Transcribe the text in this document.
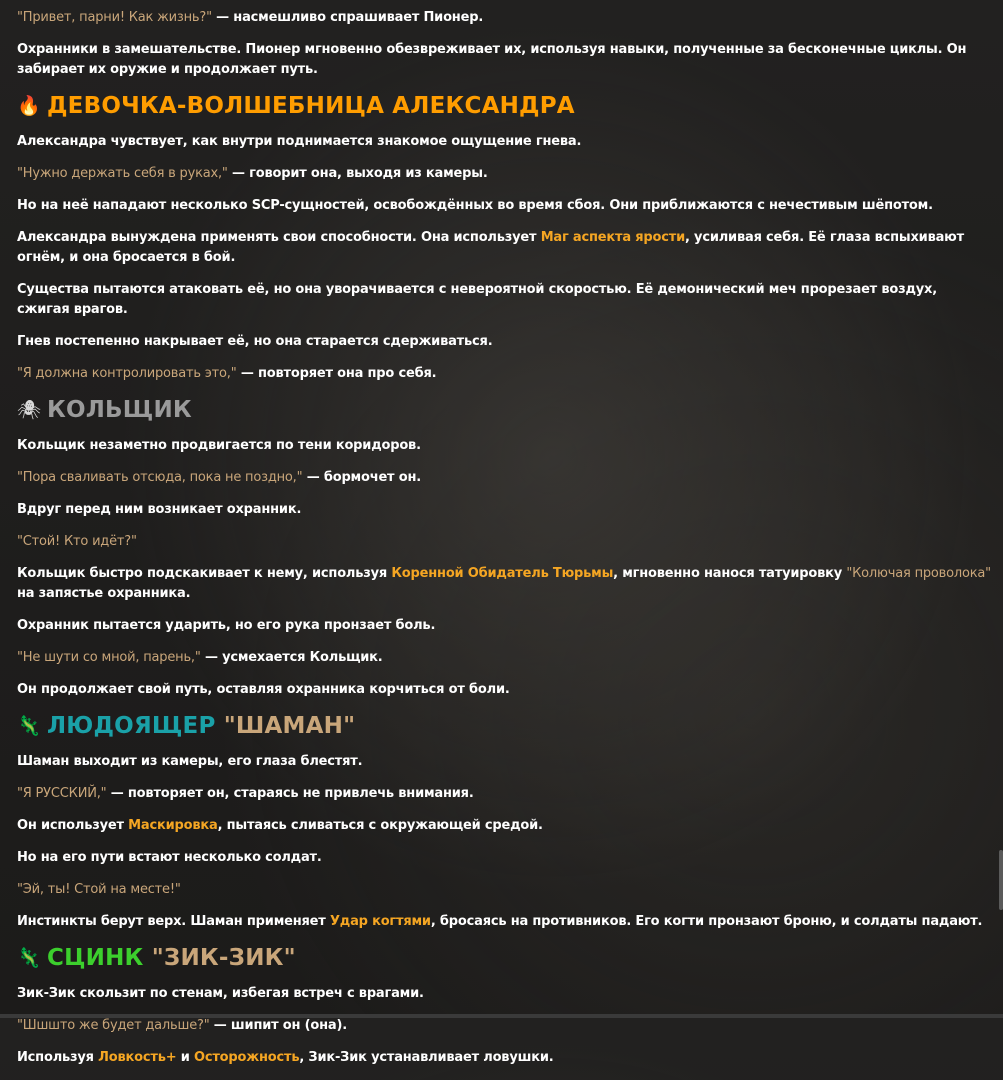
"Привет, парни! Как жизнь?" — насмешливо спрашивает Пионер.

Охранники в замешательстве. Пионер мгновенно обезвреживает их, используя навыки, полученные за бесконечные циклы. Он забирает их оружие и продолжает путь.

🔥 ДЕВОЧКА-ВОЛШЕБНИЦА АЛЕКСАНДРА

Александра чувствует, как внутри поднимается знакомое ощущение гнева.

"Нужно держать себя в руках," — говорит она, выходя из камеры.

Но на неё нападают несколько SCP-сущностей, освобождённых во время сбоя. Они приближаются с нечестивым шёпотом.

Александра вынуждена применять свои способности. Она использует Маг аспекта ярости, усиливая себя. Её глаза вспыхивают огнём, и она бросается в бой.

Существа пытаются атаковать её, но она уворачивается с невероятной скоростью. Её демонический меч прорезает воздух, сжигая врагов.

Гнев постепенно накрывает её, но она старается сдерживаться.

"Я должна контролировать это," — повторяет она про себя.

🕷 КОЛЬЩИК

Кольщик незаметно продвигается по тени коридоров.

"Пора сваливать отсюда, пока не поздно," — бормочет он.

Вдруг перед ним возникает охранник.

"Стой! Кто идёт?"

Кольщик быстро подскакивает к нему, используя Коренной Обидатель Тюрьмы, мгновенно нанося татуировку "Колючая проволока" на запястье охранника.

Охранник пытается ударить, но его рука пронзает боль.

"Не шути со мной, парень," — усмехается Кольщик.

Он продолжает свой путь, оставляя охранника корчиться от боли.

🦎 ЛЮДОЯЩЕР
"ШАМАН"

Шаман выходит из камеры, его глаза блестят.

"Я РУССКИЙ," — повторяет он, стараясь не привлечь внимания.

Он использует Маскировка, пытаясь сливаться с окружающей средой.

Но на его пути встают несколько солдат.

"Эй, ты! Стой на месте!"

Инстинкты берут верх. Шаман применяет Удар когтями, бросаясь на противников. Его когти пронзают броню, и солдаты падают.

🦎 СЦИНК
"ЗИК-ЗИК"

Зик-Зик скользит по стенам, избегая встреч с врагами.

"Шшшто же будет дальше?" — шипит он (она).

Используя Ловкость+ и Осторожность, Зик-Зик устанавливает ловушки.
